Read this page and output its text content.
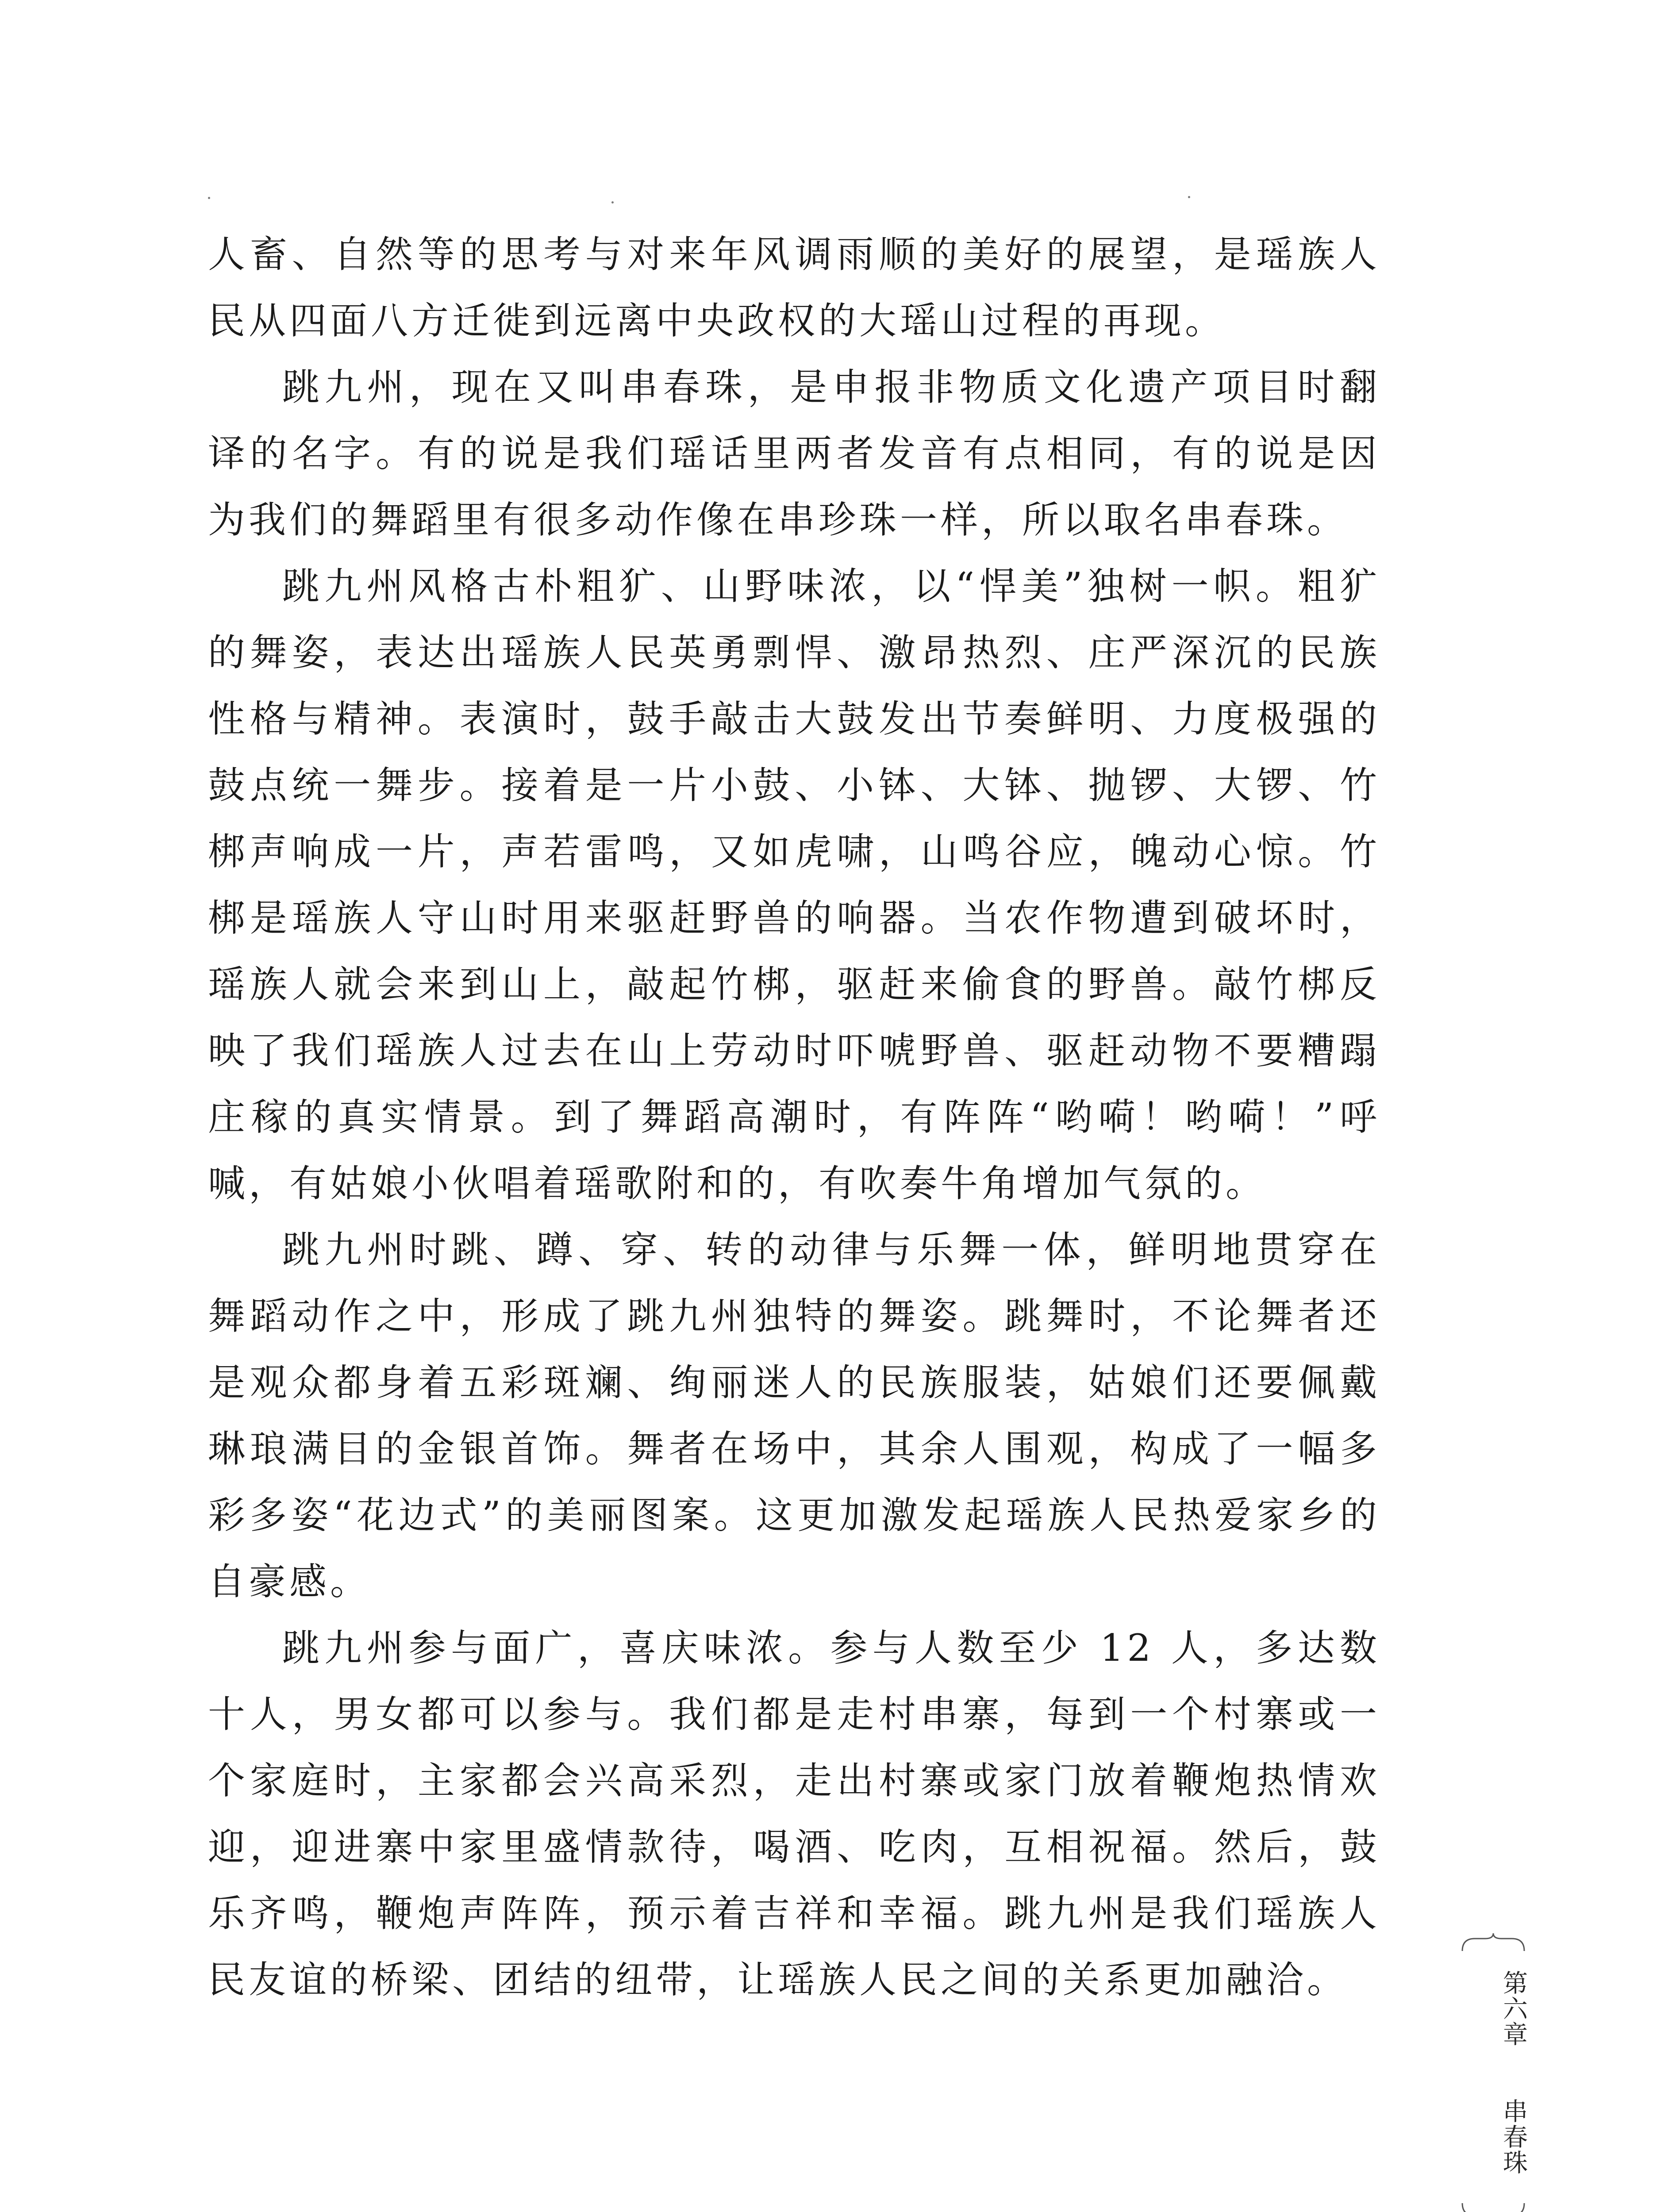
人畜、自然等的思考与对来年风调雨顺的美好的展望，是瑶族人民从四面八方迁徙到远离中央政权的大瑶山过程的再现。

跳九州，现在又叫串春珠，是申报非物质文化遗产项目时翻译的名字。有的说是我们瑶话里两者发音有点相同，有的说是因为我们的舞蹈里有很多动作像在串珍珠一样，所以取名串春珠。

跳九州风格古朴粗犷、山野味浓，以“悍美”独树一帜。粗犷的舞姿，表达出瑶族人民英勇剽悍、激昂热烈、庄严深沉的民族性格与精神。表演时，鼓手敲击大鼓发出节奏鲜明、力度极强的鼓点统一舞步。接着是一片小鼓、小钵、大钵、抛锣、大锣、竹梆声响成一片，声若雷鸣，又如虎啸，山鸣谷应，魄动心惊。竹梆是瑶族人守山时用来驱赶野兽的响器。当农作物遭到破坏时，瑶族人就会来到山上，敲起竹梆，驱赶来偷食的野兽。敲竹梆反映了我们瑶族人过去在山上劳动时吓唬野兽、驱赶动物不要糟蹋庄稼的真实情景。到了舞蹈高潮时，有阵阵“哟嗬！哟嗬！”呼喊，有姑娘小伙唱着瑶歌附和的，有吹奏牛角增加气氛的。

跳九州时跳、蹲、穿、转的动律与乐舞一体，鲜明地贯穿在舞蹈动作之中，形成了跳九州独特的舞姿。跳舞时，不论舞者还是观众都身着五彩斑斓、绚丽迷人的民族服装，姑娘们还要佩戴琳琅满目的金银首饰。舞者在场中，其余人围观，构成了一幅多彩多姿“花边式”的美丽图案。这更加激发起瑶族人民热爱家乡的自豪感。

跳九州参与面广，喜庆味浓。参与人数至少 12 人，多达数十人，男女都可以参与。我们都是走村串寨，每到一个村寨或一个家庭时，主家都会兴高采烈，走出村寨或家门放着鞭炮热情欢迎，迎进寨中家里盛情款待，喝酒、吃肉，互相祝福。然后，鼓乐齐鸣，鞭炮声阵阵，预示着吉祥和幸福。跳九州是我们瑶族人民友谊的桥梁、团结的纽带，让瑶族人民之间的关系更加融洽。	第六章
串春珠
